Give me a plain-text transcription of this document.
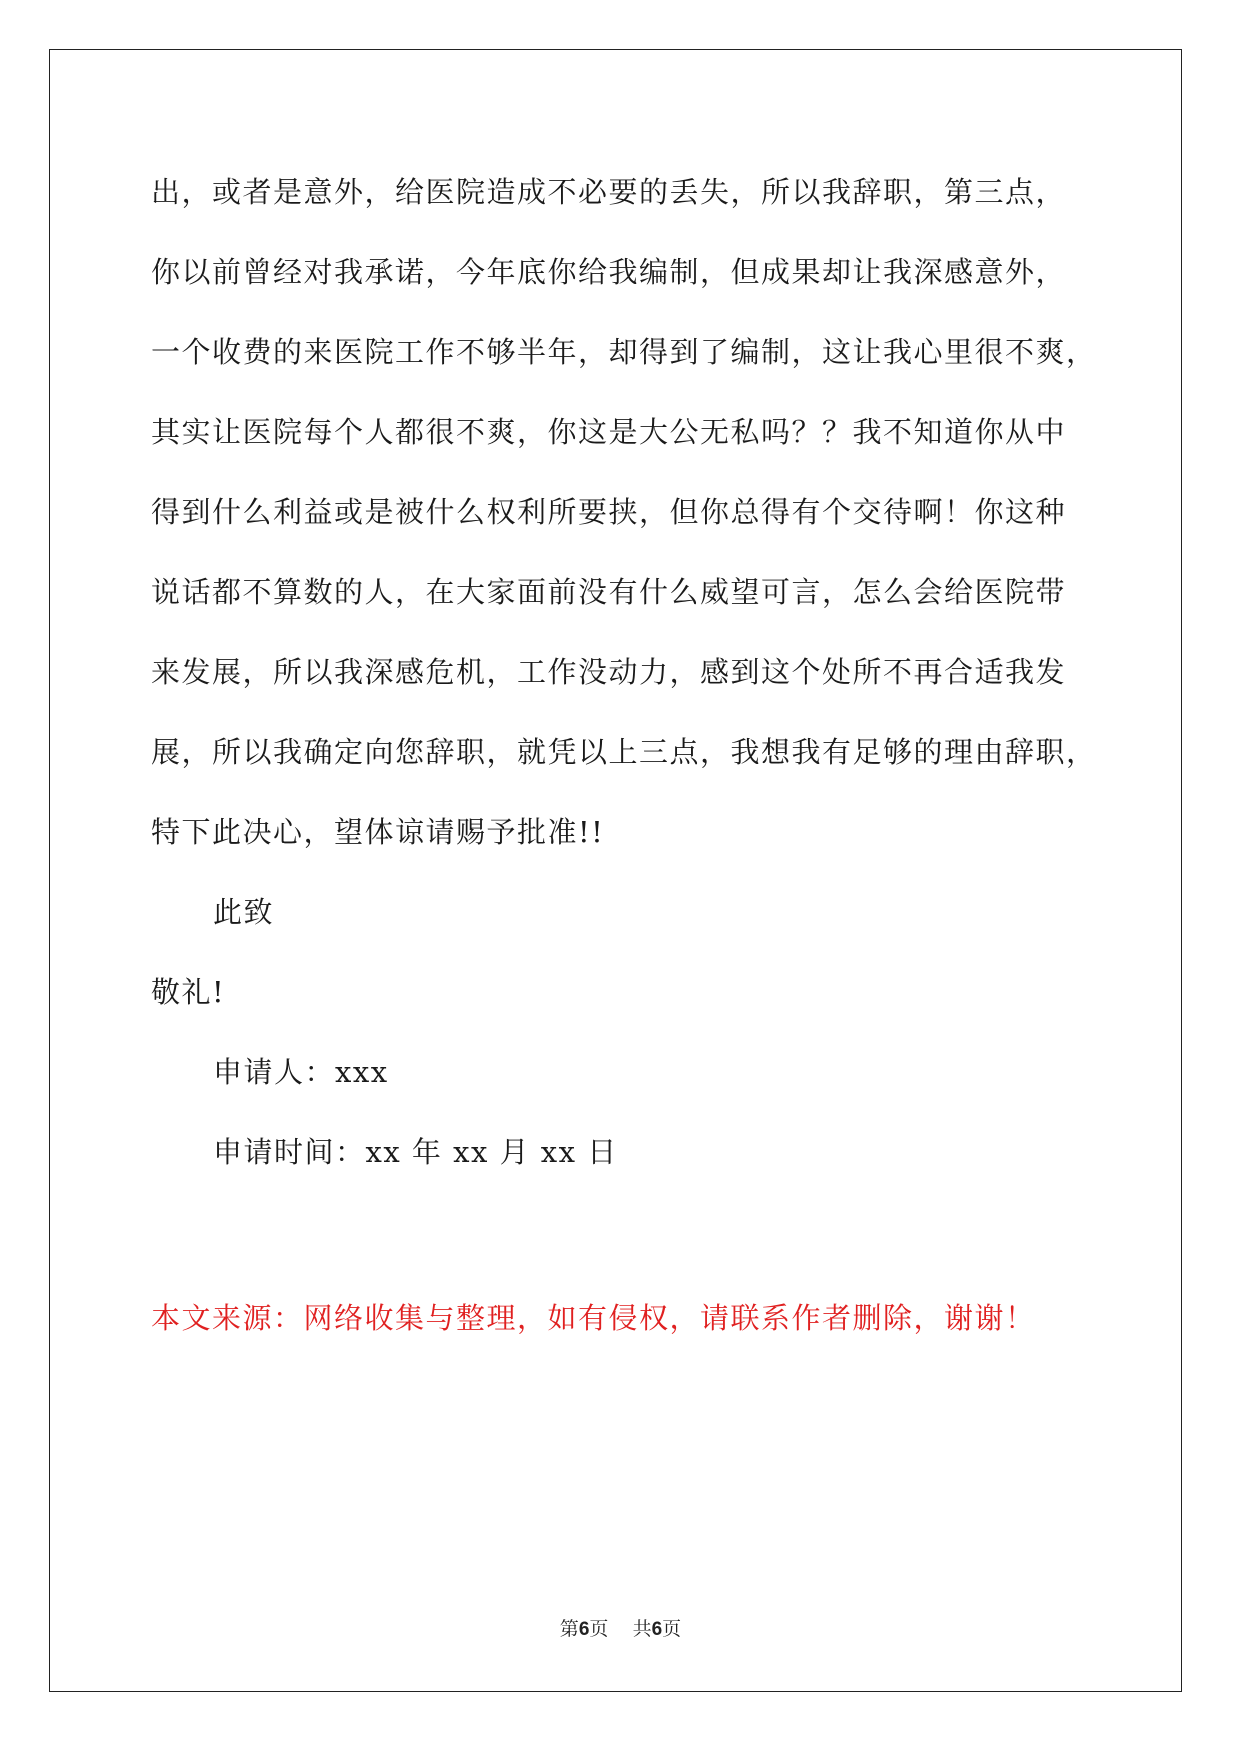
出，或者是意外，给医院造成不必要的丢失，所以我辞职，第三点，
你以前曾经对我承诺，今年底你给我编制，但成果却让我深感意外，
一个收费的来医院工作不够半年，却得到了编制，这让我心里很不爽，
其实让医院每个人都很不爽，你这是大公无私吗？？我不知道你从中
得到什么利益或是被什么权利所要挟，但你总得有个交待啊！你这种
说话都不算数的人，在大家面前没有什么威望可言，怎么会给医院带
来发展，所以我深感危机，工作没动力，感到这个处所不再合适我发
展，所以我确定向您辞职，就凭以上三点，我想我有足够的理由辞职，
特下此决心，望体谅请赐予批准!!
此致
敬礼!
申请人：xxx
申请时间：xx 年 xx 月 xx 日
本文来源：网络收集与整理，如有侵权，请联系作者删除，谢谢！
第6页 共6页
